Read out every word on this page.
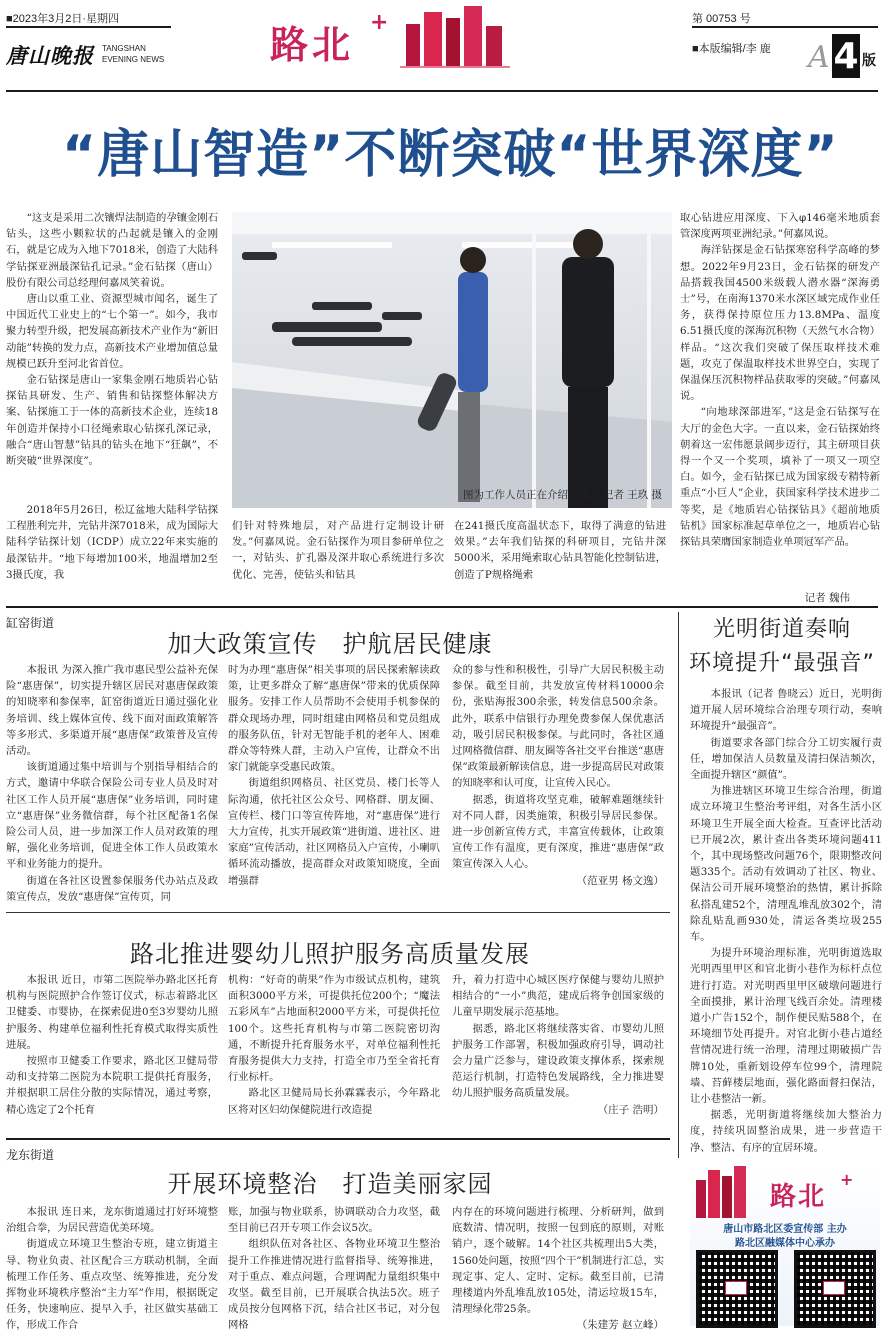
■2023年3月2日·星期四
唐山晚报 TANGSHAN
EVENING NEWS	路北
+	第 00753 号
■本版编辑/李 鹿 A 4 版
“唐山智造”不断突破“世界深度”
“这支是采用二次镶焊法制造的孕镶金刚石钻头，这些小颗粒状的凸起就是镶入的金刚石，就是它成为入地下7018米，创造了大陆科学钻探亚洲最深钻孔记录。”金石钻探（唐山）股份有限公司总经理何嘉凤笑着说。
唐山以重工业、资源型城市闻名，诞生了中国近代工业史上的“七个第一”。如今，我市聚力转型升级，把发展高新技术产业作为“新旧动能”转换的发力点，高新技术产业增加值总量规模已跃升至河北省首位。
金石钻探是唐山一家集金刚石地质岩心钻探钻具研发、生产、销售和钻探整体解决方案、钻探施工于一体的高新技术企业，连续18年创造并保持小口径绳索取心钻探孔深记录，融合“唐山智慧”钻具的钻头在地下“狂飙”，不断突破“世界深度”。
2018年5月26日，松辽盆地大陆科学钻探工程胜利完井，完钻井深7018米，成为国际大陆科学钻探计划（ICDP）成立22年来实施的最深钻井。“地下每增加100米，地温增加2至3摄氏度，我
图为工作人员正在介绍产品。 记者 王玖 摄
们针对特殊地层，对产品进行定制设计研发。”何嘉凤说。金石钻探作为项目参研单位之一，对钻头、扩孔器及深井取心系统进行多次优化、完善，使钻头和钻具
在241摄氏度高温状态下，取得了满意的钻进效果。”去年我们钻探的科研项目，完钻井深5000米，采用绳索取心钻具智能化控制钻进，创造了P规格绳索
取心钻进应用深度、下入φ146毫米地质套管深度两项亚洲纪录。”何嘉凤说。
海洋钻探是金石钻探寒窑科学高峰的梦想。2022年9月23日，金石钻探的研发产品搭载我国4500米级载人潜水器“深海勇士”号，在南海1370米水深区域完成作业任务，获得保持原位压力13.8MPa、温度6.51摄氏度的深海沉积物（天然气水合物）样品。“这次我们突破了保压取样技术难题，攻克了保温取样技术世界空白，实现了保温保压沉积物样品获取零的突破。”何嘉凤说。
“向地球深部进军，”这是金石钻探写在大厅的金色大字。一直以来，金石钻探始终朝着这一宏伟愿景阔步迈行，其主研项目获得一个又一个奖项，填补了一项又一项空白。如今，金石钻探已成为国家级专精特新重点“小巨人”企业，获国家科学技术进步二等奖，是《地质岩心钻探钻具》《超前地质钻机》国家标准起草单位之一，地质岩心钻探钻具荣膺国家制造业单项冠军产品。
记者 魏伟
缸窑街道
加大政策宣传　护航居民健康
本报讯 为深入推广我市惠民型公益补充保险“惠唐保”，切实提升辖区居民对惠唐保政策的知晓率和参保率，缸窑街道近日通过强化业务培训、线上媒体宣传、线下面对面政策解答等多形式、多渠道开展“惠唐保”政策普及宣传活动。
该街道通过集中培训与个别指导相结合的方式，邀请中华联合保险公司专业人员及时对社区工作人员开展“惠唐保”业务培训，同时建立“惠唐保”业务微信群，每个社区配备1名保险公司人员，进一步加深工作人员对政策的理解，强化业务培训，促进全体工作人员政策水平和业务能力的提升。
街道在各社区设置参保服务代办站点及政策宣传点，发放“惠唐保”宣传页，同
时为办理“惠唐保”相关事项的居民探索解读政策，让更多群众了解“惠唐保”带来的优质保障服务。安排工作人员帮助不会使用手机参保的群众现场办理，同时组建由网格员和党员组成的服务队伍，针对无智能手机的老年人、困难群众等特殊人群，主动入户宣传，让群众不出家门就能享受惠民政策。
街道组织网格员、社区党员、楼门长等人际沟通，依托社区公众号、网格群、朋友圈、宣传栏、楼门口等宣传阵地，对“惠唐保”进行大力宣传，扎实开展政策“进街道、进社区、进家庭”宣传活动，社区网格员入户宣传，小喇叭循环流动播放，提高群众对政策知晓度，全面增强群
众的参与性和积极性，引导广大居民积极主动参保。截至目前，共发放宣传材料10000余份，张贴海报300余张，转发信息500余条。此外，联系中信银行办理免费参保人保优惠活动，吸引居民积极参保。与此同时，各社区通过网格微信群、朋友圈等各社交平台推送“惠唐保”政策最新解读信息，进一步提高居民对政策的知晓率和认可度，让宣传入民心。
据悉，街道将攻坚克难，破解难题继续针对不同人群，因类施策，积极引导居民参保。进一步创新宣传方式，丰富宣传载体，让政策宣传工作有温度，更有深度，推进“惠唐保”政策宣传深入人心。
（范亚男 杨文逸）
路北推进婴幼儿照护服务高质量发展
本报讯 近日，市第二医院举办路北区托育机构与医院照护合作签订仪式，标志着路北区卫健委、市婴协，在探索促进0至3岁婴幼儿照护服务、构建单位福利性托育模式取得实质性进展。
按照市卫健委工作要求，路北区卫健局带动和支持第二医院为本院职工提供托育服务，并根据职工居住分散的实际情况，通过考察，精心选定了2个托育
机构：“好奇的萌果”作为市级试点机构，建筑面积3000平方米，可提供托位200个；“魔法五彩风车”占地面积2000平方米，可提供托位100个。这些托育机构与市第二医院密切沟通，不断提升托育服务水平，对单位福利性托育服务提供大力支持，打造全市乃至全省托育行业标杆。
路北区卫健局局长孙霖霖表示，今年路北区将对区妇幼保健院进行改造提
升，着力打造中心城区医疗保健与婴幼儿照护相结合的“一小”典范，建成后将争创国家级的儿童早期发展示范基地。
据悉，路北区将继续落实省、市婴幼儿照护服务工作部署，积极加强政府引导，调动社会力量广泛参与，建设政策支撑体系，探索规范运行机制，打造特色发展路线，全力推进婴幼儿照护服务高质量发展。
（庄子 浩明）
光明街道奏响
环境提升“最强音”
本报讯（记者 鲁晓云）近日，光明街道开展人居环境综合治理专项行动，奏响环境提升“最强音”。
街道要求各部门综合分工切实履行责任，增加保洁人员数量及清扫保洁频次，全面提升辖区“颜值”。
为推进辖区环境卫生综合治理，街道成立环境卫生整治考评组，对各生活小区环境卫生开展全面大检查。互查评比活动已开展2次，累计查出各类环境问题411个，其中现场整改问题76个，限期整改问题335个。活动有效调动了社区、物业、保洁公司开展环境整治的热情，累计拆除私搭乱建52个，清理乱堆乱放302个，清除乱贴乱画930处，清运各类垃圾255车。
为提升环境治理标准，光明街道选取光明西里甲区和官北街小巷作为标杆点位进行打造。对光明西里甲区破墩问题进行全面摸排，累计治理飞线百余处。清理楼道小广告152个，制作便民贴588个，在环境细节处再提升。对官北街小巷占道经营情况进行统一治理，清理过期破损广告牌10处，重新划设停车位99个，清理院墙、苔藓楼层地面，强化路面督扫保洁，让小巷整洁一新。
据悉，光明街道将继续加大整治力度，持续巩固整治成果，进一步营造干净、整洁、有序的宜居环境。
龙东街道
开展环境整治　打造美丽家园
本报讯 连日来，龙东街道通过打好环境整治组合拳，为居民营造优美环境。
街道成立环境卫生整治专班，建立街道主导、物业负责、社区配合三方联动机制，全面梳理工作任务、重点攻坚、统筹推进，充分发挥物业环境秩序整治“主力军”作用，根据既定任务，快速响应、提早入手，社区做实基础工作，形成工作合
账，加强与物业联系，协调联动合力攻坚，截至目前已召开专项工作会议5次。
组织队伍对各社区、各物业环境卫生整治提升工作推进情况进行监督指导、统筹推进，对于重点、难点问题，合理调配力量组织集中攻坚。截至目前，已开展联合执法5次。班子成员按分包网格下沉，结合社区书记，对分包网格
内存在的环境问题进行梳理、分析研判，做到底数清、情况明，按照一包到底的原则，对账销户，逐个破解。14个社区共梳理出5大类，1560处问题，按照“四个干”机制进行汇总，实现定事、定人、定时、定标。截至目前，已清理楼道内外乱堆乱放105处，清运垃圾15车，清理绿化带25条。
（朱建芳 赵立峰）
路北
+
唐山市路北区委宣传部 主办
路北区融媒体中心承办
